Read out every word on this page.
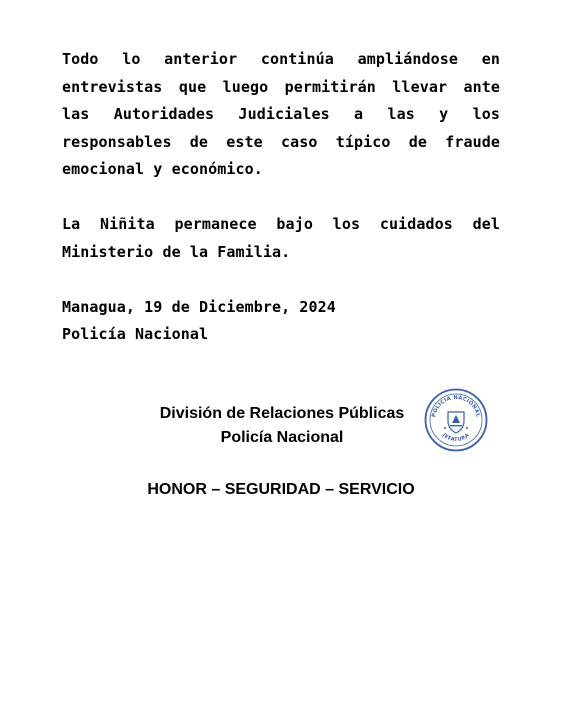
Todo lo anterior continúa ampliándose en entrevistas que luego permitirán llevar ante las Autoridades Judiciales a las y los responsables de este caso típico de fraude emocional y económico.

La Niñita permanece bajo los cuidados del Ministerio de la Familia.

Managua, 19 de Diciembre, 2024
Policía Nacional
División de Relaciones Públicas
Policía Nacional
POLICIA NACIONAL
JEFATURA
HONOR – SEGURIDAD – SERVICIO
